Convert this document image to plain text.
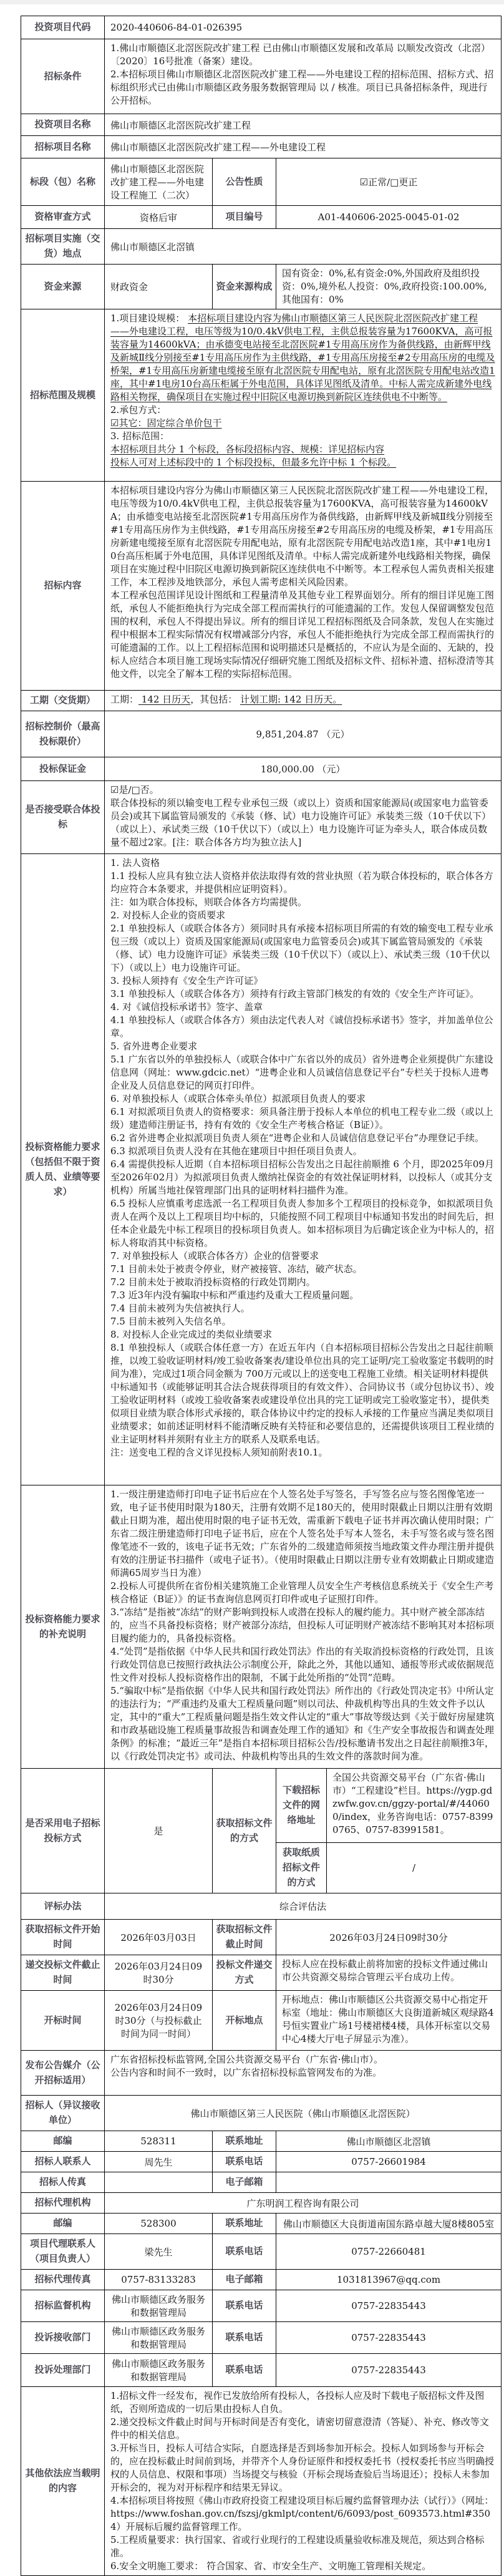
投资项目代码	2020-440606-84-01-026395			
招标条件	1.佛山市顺德区北滘医院改扩建工程 已由佛山市顺德区发展和改革局 以顺发改资改（北滘）〔2020〕16号批准（备案）建设。
2.本招标项目佛山市顺德区北滘医院改扩建工程——外电建设工程的招标范围、招标方式、招标组织形式已由佛山市顺德区政务服务数据管理局 以 / 核准。项目已具备招标条件，现进行公开招标。			

投资项目名称	佛山市顺德区北滘医院改扩建工程			
招标项目名称	佛山市顺德区北滘医院改扩建工程——外电建设工程			
标段（包）名称	佛山市顺德区北滘医院改扩建工程——外电建设工程施工（二次）	公告性质	☑正常/□更正	
资格审查方式	资格后审	项目编号	A01-440606-2025-0045-01-02	
招标项目实施（交货）地点	佛山市顺德区北滘镇			
资金来源	财政资金	资金来源构成	国有资金：0%,私有资金:0%,外国政府及组织投资：0%,境外私人投资：0%,政府投资:100.00%,其他国有：0%	

招标范围及规模	
1.项目建设规模： 本招标项目建设内容为佛山市顺德区第三人民医院北滘医院改扩建工程——外电建设工程，电压等级为10/0.4kV供电工程，主供总报装容量为17600KVA，高可报装容量为14600kVA；由承德变电站接至北滘医院#1专用高压房作为备供线路，由新辉甲线及新城Ⅱ线分别接至#1专用高压房作为主供线路，#1专用高压房接至#2专用高压房的电缆及桥架，#1专用高压房新建电缆接至原有北滘医院专用配电站，原有北滘医院专用配电站改造1座，其中#1电房10台高压柜属于外电范围，具体详见图纸及清单。中标人需完成新建外电线路相关物探，确保项目在实施过程中旧院区电源切换到新院区连续供电不中断等。
2.承包方式：
☑其它：固定综合单价包干
3. 招标范围：
本招标项目共分 1 个标段，各标段招标内容、规模：详见招标内容
投标人可对上述标段中的 1 个标段投标，但最多允许中标 1 个标段。

招标内容	本招标项目建设内容分为佛山市顺德区第三人民医院北滘医院改扩建工程——外电建设工程，电压等级为10/0.4kV供电工程，主供总报装容量为17600KVA，高可报装容量为14600kVA；由承德变电站接至北滘医院#1专用高压房作为备供线路，由新辉甲线及新城Ⅱ线分别接至#1专用高压房作为主供线路，#1专用高压房接至#2专用高压房的电缆及桥架，#1专用高压房新建电缆接至原有北滘医院专用配电站，原有北滘医院专用配电站改造1座，其中#1电房10台高压柜属于外电范围，具体详见图纸及清单。中标人需完成新建外电线路相关物探，确保项目在实施过程中旧院区电源切换到新院区连续供电不中断等。本工程承包人需负责相关报建工作，本工程涉及地铁部分，承包人需考虑相关风险因素。
本工程承包范围详见设计图纸和工程量清单及其他专业工程界面划分。所有的细目详见施工图纸，承包人不能拒绝执行为完成全部工程而需执行的可能遗漏的工作。发包人保留调整发包范围的权利，承包人不得提出异议。所有的细目详见工程招标图纸及合同条款，发包人在实施过程中根据本工程实际情况有权增减部分内容，承包人不能拒绝执行为完成全部工程而需执行的可能遗漏的工作。以上工程招标范围和说明描述只是概括的，不应认为是全面的、无缺的，投标人应结合本项目施工现场实际情况仔细研究施工图纸及招标文件、招标补遗、招标澄清等其他文件，以完全了解本工程的实际招标范围。			

工期（交货期）	工期： 142 日历天，其包括： 计划工期: 142 日历天。			

招标控制价（最高投标限价）	9,851,204.87 （元）			
投标保证金	180,000.00 （元）			
是否接受联合体投标	☑是/□否。
联合体投标的须以输变电工程专业承包三级（或以上）资质和国家能源局(或国家电力监管委员会)或其下属监管局颁发的《承装（修、试）电力设施许可证》承装类三级（10千伏以下）（或以上）、承试类三级（10千伏以下）（或以上）电力设施许可证为牵头人，联合体成员数量不超过2家。[注：联合体各方均为独立法人]			

投标资格能力要求（包括但不限于资质人员、业绩等要求）	
1. 法人资格
1.1 投标人应具有独立法人资格并依法取得有效的营业执照（若为联合体投标的，联合体各方均应符合本条要求，并提供相应证明资料）。
注：如为联合体投标，则联合体各方均需提供。
2. 对投标人企业的资质要求
2.1 单独投标人（或联合体各方）须同时具有承接本招标项目所需的有效的输变电工程专业承包三级（或以上）资质及国家能源局(或国家电力监管委员会)或其下属监管局颁发的《承装（修、试）电力设施许可证》承装类三级（10千伏以下）（或以上）、承试类三级（10千伏以下）（或以上）电力设施许可证。
3. 投标人须持有《安全生产许可证》
3.1 单独投标人（或联合体各方）须持有行政主管部门核发的有效的《安全生产许可证》。
4. 对《诚信投标承诺书》签字、盖章
4.1 单独投标人（或联合体各方）须由法定代表人对《诚信投标承诺书》签字，并加盖单位公章。
5. 省外进粤企业要求
5.1 广东省以外的单独投标人（或联合体中广东省以外的成员）省外进粤企业须提供广东建设信息网（网址：www.gdcic.net）“进粤企业和人员诚信信息登记平台”专栏关于投标人进粤企业及人员信息登记的网页打印件。
6. 对单独投标人（或联合体牵头单位）拟派项目负责人的要求
6.1 对拟派项目负责人的资格要求：须具备注册于投标人本单位的机电工程专业二级（或以上级）建造师注册证书，持有有效的《安全生产考核合格证（B证）》。
6.2 省外进粤企业拟派项目负责人须在“进粤企业和人员诚信信息登记平台”办理登记手续。
6.3 拟派项目负责人没有在其他在建项目中担任项目负责人。
6.4 需提供投标人近期（自本招标项目招标公告发出之日起往前顺推 6 个月，即2025年09月至2026年02月）为拟派项目负责人缴纳社保资金的有效社保证明材料，以投标人（或其分支机构）所属当地社保管理部门出具的证明材料扫描件为准。
6.5 投标人应慎重考虑选派一名工程项目负责人参加多个工程项目的投标竞争，如拟派项目负责人在两个及以上工程项目均中标的，只能按照不同工程项目中标通知书发出的时间先后，担任本企业最先中标工程项目的投标项目负责人。如本招标项目为后确定该企业为中标人的，招标人将取消其中标资格。
7. 对单独投标人（或联合体各方）企业的信誉要求
7.1 目前未处于被责令停业，财产被接管、冻结，破产状态。
7.2 目前未处于被取消投标资格的行政处罚期内。
7.3 近3年内没有骗取中标和严重违约及重大工程质量问题。
7.4 目前未被列为失信被执行人。
7.5 目前未被列入失信名单。
8. 对投标人企业完成过的类似业绩要求
8.1 单独投标人（或联合体任意一方）在近五年内（自本招标项目招标公告发出之日起往前顺推，以竣工验收证明材料/竣工验收备案表/建设单位出具的完工证明/完工验收鉴定书载明的时间为准），完成过1项合同金额为 700万元或以上的送变电工程施工业绩。相关证明材料提供中标通知书（或能够证明其合法合规获得项目的有效文件）、合同协议书（或分包协议书）、竣工验收证明材料（或竣工验收备案表或建设单位出具的完工证明或完工验收鉴定书），提供类似项目业绩为联合体形式承接的，联合体协议中约定的投标人承接的工作量应当满足类似项目业绩要求；如前述证明材料不能清晰反映有关特征和必要信息的，还需提供该项目工程业绩的业主证明材料并须附有业主方的联系人及联系电话。
注：送变电工程的含义详见投标人须知前附表10.1。

投标资格能力要求的补充说明	1.一级注册建造师打印电子证书后应在个人签名处手写签名，手写签名应与签名图像笔迹一致，电子证书使用时限为180天，注册有效期不足180天的，使用时限截止日期以注册有效期截止日期为准，超出使用时限的电子证书无效，需重新下载电子证书并再次确认使用时限；广东省二级注册建造师打印电子证书后，应在个人签名处手写本人签名，未手写签名或与签名图像笔迹不一致的，该电子证书无效；广东省外的二级建造师须按当地政策文件办理注册并提供有效的注册证书扫描件（或电子证书）。（使用时限截止日期以注册专业有效期截止日期或建造师满65周岁当日为准）
2.投标人可提供所在省份相关建筑施工企业管理人员安全生产考核信息系统关于《安全生产考核合格证（B证）》的证书查询信息网页打印件或电子证照打印件。
3.“冻结”是指被“冻结”的财产影响到投标人或潜在投标人的履约能力。其中财产被全部冻结的，应当不具备投标资格；财产被部分冻结，但投标人可证明财产被冻结不影响其对本招标项目履约能力的，具备投标资格。
4.“处罚”是指依据《中华人民共和国行政处罚法》作出的有关取消投标资格的行政处罚，且该行政处罚信息已按照行政执法公示制度公开，除此之外，其他以通知、通报等形式或依据规范性文件对投标人投标资格作出的限制，不属于此处所指的“处罚”范畴。
5.“骗取中标”是指依据《中华人民共和国行政处罚法》所作出的《行政处罚决定书》中所认定的违法行为；“严重违约及重大工程质量问题”则以司法、仲裁机构等出具的生效文件予以认定，其中的“重大”工程质量问题是指生效文件认定的“重大”事故等级达到《关于做好房屋建筑和市政基础设施工程质量事故报告和调查处理工作的通知》和《生产安全事故报告和调查处理条例》的标准；“最近三年”是指自本招标项目招标公告/投标邀请书发出之日起往前顺推3年，以《行政处罚决定书》或司法、仲裁机构等出具的生效文件的落款时间为准。			

是否采用电子招标投标方式	是	获取招标文件的方式	下载招标文件的网络地址	全国公共资源交易平台（广东省·佛山市）“工程建设”栏目。https://ygp.gdzwfw.gov.cn/ggzy-portal/#/440600/index，业务咨询电话：0757-83990765、0757-83991581。

			获取纸质招标文件的方式	/
评标办法	综合评估法			
获取招标文件开始时间	2026年03月03日	获取招标文件截止时间	2026年03月24日09时30分	
递交投标文件截止时间	2026年03月24日09时30分	投标文件递交方式	投标人应在投标截止前将加密的投标文件通过佛山市公共资源交易综合管理云平台成功上传。	

开标时间	2026年03月24日09时30分（与投标截止时间为同一时间）	开标地点	开标地点：佛山市顺德区公共资源交易中心指定开标室（地址：佛山市顺德区大良街道新城区观绿路4号恒实置业广场1号楼裙楼4楼，具体开标室以交易中心4楼大厅电子屏显示为准）。	

发布公告媒介（公开招标适用）	广东省招标投标监管网,全国公共资源交易平台（广东省·佛山市）。
公告内容和时间不一致时，以广东省招标投标监管网发布的为准。			

招标人（异议接收单位）	佛山市顺德区第三人民医院（佛山市顺德区北滘医院）			
邮编	528311	联系地址	佛山市顺德区北滘镇	
招标人联系人	周先生	联系电话	0757-26601984	
招标人传真		电子邮箱		
招标代理机构	广东明润工程咨询有限公司			
邮编	528300	联系地址	佛山市顺德区大良街道南国东路卓越大厦8楼805室	
项目代理联系人（项目负责人）	梁先生	联系电话	0757-22660481	
招标代理传真	0757-83133283	电子邮箱	1031813967@qq.com	
招标监督机构	佛山市顺德区政务服务和数据管理局	联系电话	0757-22835443	
投诉接收部门	佛山市顺德区政务服务和数据管理局	联系电话	0757-22835443	
投诉处理部门	佛山市顺德区政务服务和数据管理局	联系电话	0757-22835443	
其他依法应当载明的内容	
1.招标文件一经发布，视作已发放给所有投标人，各投标人应及时下载电子版招标文件及图纸，否则所造成的一切后果由投标人自负。
2.递交投标文件截止时间与开标时间是否有变化，请密切留意澄清（答疑）、补充、修改等文件中的相关信息。
3.开标当日，投标人可结合实际，自愿选择是否到场参加开标会。投标人如到场参与开标会的，应在投标截止时间前到场，并带齐个人身份证原件和授权委托书（授权委托书应当明确授权的人员信息、权限和事项）当场提交与核验（开标会现场查验后当场退还）；投标人未参加开标会的，视为对开标程序和结果无异议。
4.本招标项目将按照《佛山市政府投资工程建设项目标后履约监督管理办法（试行）》（网址：https://www.foshan.gov.cn/fszsj/gkmlpt/content/6/6093/post_6093573.html#3504）开展标后履约监督管理工作。
5.工程质量要求：执行国家、省或行业现行的工程建设质量验收标准及规范，须达到合格标准。
6.安全文明施工要求： 符合国家、省、市安全生产、文明施工管理相关规定。
